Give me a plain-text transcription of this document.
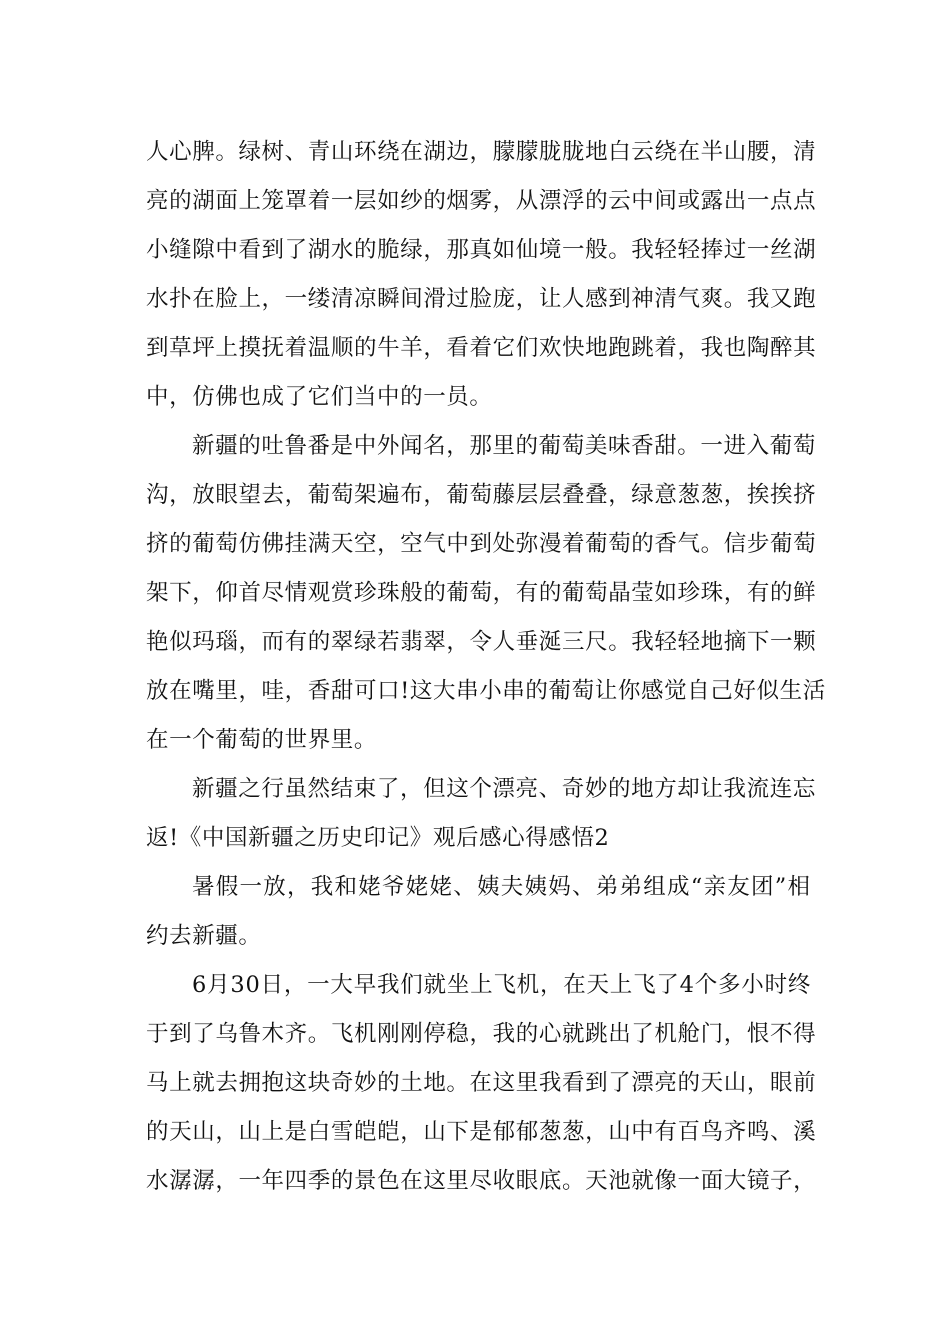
人 心 脾 。 绿 树 、 青 山 环 绕 在 湖 边 ， 朦 朦 胧 胧 地 白 云 绕 在 半 山 腰 ， 清
亮 的 湖 面 上 笼 罩 着 一 层 如 纱 的 烟 雾 ， 从 漂 浮 的 云 中 间 或 露 出 一 点 点
小 缝 隙 中 看 到 了 湖 水 的 脆 绿 ， 那 真 如 仙 境 一 般 。 我 轻 轻 捧 过 一 丝 湖
水 扑 在 脸 上 ， 一 缕 清 凉 瞬 间 滑 过 脸 庞 ， 让 人 感 到 神 清 气 爽 。 我 又 跑
到 草 坪 上 摸 抚 着 温 顺 的 牛 羊 ， 看 着 它 们 欢 快 地 跑 跳 着 ， 我 也 陶 醉 其
中，仿佛也成了它们当中的一员。
新 疆 的 吐 鲁 番 是 中 外 闻 名 ， 那 里 的 葡 萄 美 味 香 甜 。 一 进 入 葡 萄
沟 ， 放 眼 望 去 ， 葡 萄 架 遍 布 ， 葡 萄 藤 层 层 叠 叠 ， 绿 意 葱 葱 ， 挨 挨 挤
挤 的 葡 萄 仿 佛 挂 满 天 空 ， 空 气 中 到 处 弥 漫 着 葡 萄 的 香 气 。 信 步 葡 萄
架 下 ， 仰 首 尽 情 观 赏 珍 珠 般 的 葡 萄 ， 有 的 葡 萄 晶 莹 如 珍 珠 ， 有 的 鲜
艳 似 玛 瑙 ， 而 有 的 翠 绿 若 翡 翠 ， 令 人 垂 涎 三 尺 。 我 轻 轻 地 摘 下 一 颗
放 在 嘴 里 ， 哇 ， 香 甜 可 口 ! 这 大 串 小 串 的 葡 萄 让 你 感 觉 自 己 好 似 生 活
在一个葡萄的世界里。
新 疆 之 行 虽 然 结 束 了 ， 但 这 个 漂 亮 、 奇 妙 的 地 方 却 让 我 流 连 忘
返!《中国新疆之历史印记》观后感心得感悟2
暑 假 一 放 ， 我 和 姥 爷 姥 姥 、 姨 夫 姨 妈 、 弟 弟 组 成 “ 亲 友 团 ” 相
约去新疆。
6 月 3 0 日 ， 一 大 早 我 们 就 坐 上 飞 机 ， 在 天 上 飞 了 4 个 多 小 时 终
于 到 了 乌 鲁 木 齐 。 飞 机 刚 刚 停 稳 ， 我 的 心 就 跳 出 了 机 舱 门 ， 恨 不 得
马 上 就 去 拥 抱 这 块 奇 妙 的 土 地 。 在 这 里 我 看 到 了 漂 亮 的 天 山 ， 眼 前
的 天 山 ， 山 上 是 白 雪 皑 皑 ， 山 下 是 郁 郁 葱 葱 ， 山 中 有 百 鸟 齐 鸣 、 溪
水 潺 潺 ， 一 年 四 季 的 景 色 在 这 里 尽 收 眼 底 。 天 池 就 像 一 面 大 镜 子 ，
